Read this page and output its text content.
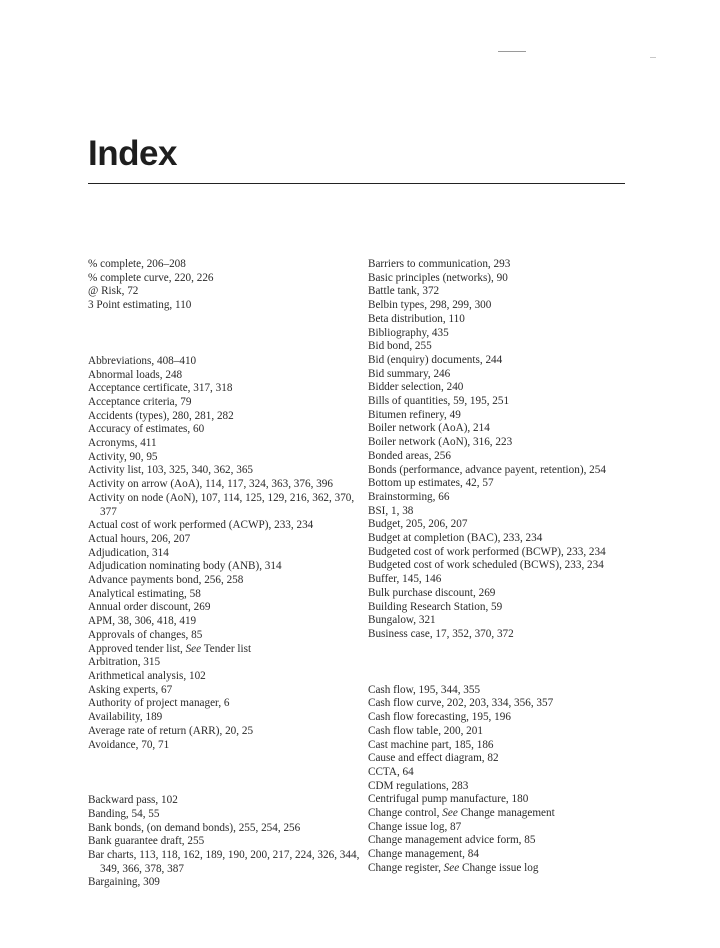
Index
% complete, 206–208
% complete curve, 220, 226
@ Risk, 72
3 Point estimating, 110
Abbreviations, 408–410
Abnormal loads, 248
Acceptance certificate, 317, 318
Acceptance criteria, 79
Accidents (types), 280, 281, 282
Accuracy of estimates, 60
Acronyms, 411
Activity, 90, 95
Activity list, 103, 325, 340, 362, 365
Activity on arrow (AoA), 114, 117, 324, 363, 376, 396
Activity on node (AoN), 107, 114, 125, 129, 216, 362, 370, 377
Actual cost of work performed (ACWP), 233, 234
Actual hours, 206, 207
Adjudication, 314
Adjudication nominating body (ANB), 314
Advance payments bond, 256, 258
Analytical estimating, 58
Annual order discount, 269
APM, 38, 306, 418, 419
Approvals of changes, 85
Approved tender list, See Tender list
Arbitration, 315
Arithmetical analysis, 102
Asking experts, 67
Authority of project manager, 6
Availability, 189
Average rate of return (ARR), 20, 25
Avoidance, 70, 71
Backward pass, 102
Banding, 54, 55
Bank bonds, (on demand bonds), 255, 254, 256
Bank guarantee draft, 255
Bar charts, 113, 118, 162, 189, 190, 200, 217, 224, 326, 344, 349, 366, 378, 387
Bargaining, 309
Barriers to communication, 293
Basic principles (networks), 90
Battle tank, 372
Belbin types, 298, 299, 300
Beta distribution, 110
Bibliography, 435
Bid bond, 255
Bid (enquiry) documents, 244
Bid summary, 246
Bidder selection, 240
Bills of quantities, 59, 195, 251
Bitumen refinery, 49
Boiler network (AoA), 214
Boiler network (AoN), 316, 223
Bonded areas, 256
Bonds (performance, advance payent, retention), 254
Bottom up estimates, 42, 57
Brainstorming, 66
BSI, 1, 38
Budget, 205, 206, 207
Budget at completion (BAC), 233, 234
Budgeted cost of work performed (BCWP), 233, 234
Budgeted cost of work scheduled (BCWS), 233, 234
Buffer, 145, 146
Bulk purchase discount, 269
Building Research Station, 59
Bungalow, 321
Business case, 17, 352, 370, 372
Cash flow, 195, 344, 355
Cash flow curve, 202, 203, 334, 356, 357
Cash flow forecasting, 195, 196
Cash flow table, 200, 201
Cast machine part, 185, 186
Cause and effect diagram, 82
CCTA, 64
CDM regulations, 283
Centrifugal pump manufacture, 180
Change control, See Change management
Change issue log, 87
Change management advice form, 85
Change management, 84
Change register, See Change issue log
